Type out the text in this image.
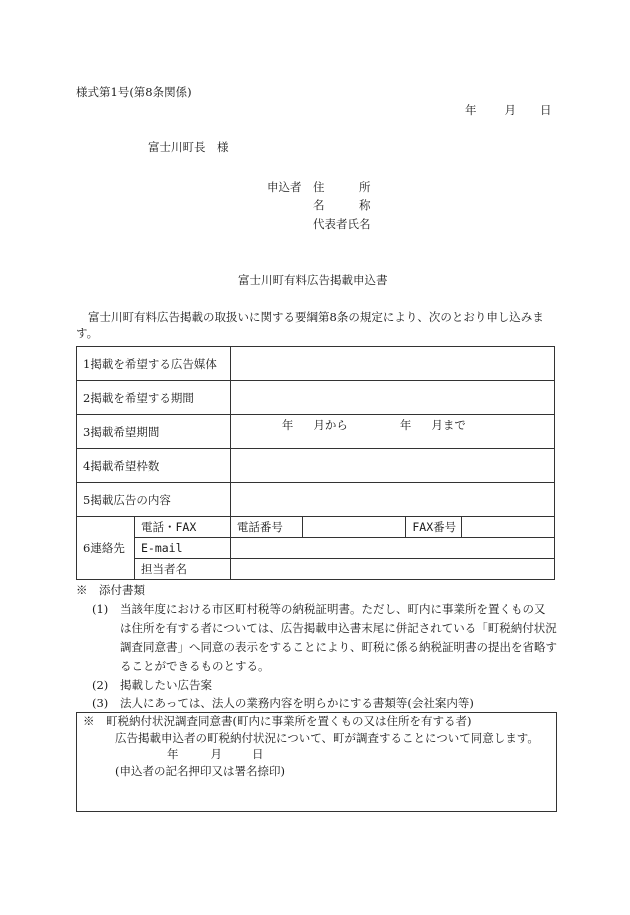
様式第1号(第8条関係)
年 月 日
富士川町長　様
申込者 住　　　所
名　　　称
代表者氏名
富士川町有料広告掲載申込書
富士川町有料広告掲載の取扱いに関する要綱第8条の規定により、次のとおり申し込みま
す。
1掲載を希望する広告媒体					
2掲載を希望する期間					
3掲載希望期間		年 月から 年 月まで			
4掲載希望枠数					
5掲載広告の内容					
6連絡先	電話・FAX	電話番号		FAX番号	
	E-mail				
	担当者名				
※　添付書類
(1) 当該年度における市区町村税等の納税証明書。ただし、町内に事業所を置くもの又
は住所を有する者については、広告掲載申込書末尾に併記されている「町税納付状況
調査同意書」へ同意の表示をすることにより、町税に係る納税証明書の提出を省略す
ることができるものとする。
(2) 掲載したい広告案
(3) 法人にあっては、法人の業務内容を明らかにする書類等(会社案内等)
※　町税納付状況調査同意書(町内に事業所を置くもの又は住所を有する者)
広告掲載申込者の町税納付状況について、町が調査することについて同意します。
年	月	日
(申込者の記名押印又は署名捺印)
